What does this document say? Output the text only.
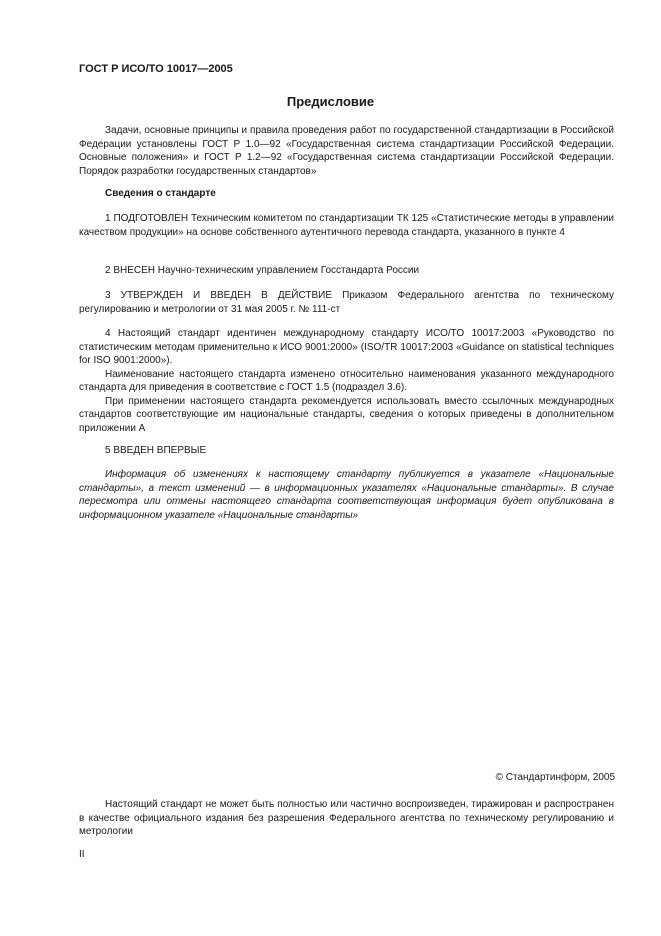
ГОСТ Р ИСО/ТО 10017—2005
Предисловие

Задачи, основные принципы и правила проведения работ по государственной стандартизации в Российской Федерации установлены ГОСТ Р 1.0—92 «Государственная система стандартизации Российской Федерации. Основные положения» и ГОСТ Р 1.2—92 «Государственная система стандартизации Российской Федерации. Порядок разработки государственных стандартов»

Сведения о стандарте

1 ПОДГОТОВЛЕН Техническим комитетом по стандартизации ТК 125 «Статистические методы в управлении качеством продукции» на основе собственного аутентичного перевода стандарта, указанного в пункте 4

2 ВНЕСЕН Научно-техническим управлением Госстандарта России

3 УТВЕРЖДЕН И ВВЕДЕН В ДЕЙСТВИЕ Приказом Федерального агентства по техническому регулированию и метрологии от 31 мая 2005 г. № 111-ст

4 Настоящий стандарт идентичен международному стандарту ИСО/ТО 10017:2003 «Руководство по статистическим методам применительно к ИСО 9001:2000» (ISO/TR 10017:2003 «Guidance on statistical techniques for ISO 9001:2000»).

Наименование настоящего стандарта изменено относительно наименования указанного международного стандарта для приведения в соответствие с ГОСТ 1.5 (подраздел 3.6).

При применении настоящего стандарта рекомендуется использовать вместо ссылочных международных стандартов соответствующие им национальные стандарты, сведения о которых приведены в дополнительном приложении А

5 ВВЕДЕН ВПЕРВЫЕ

Информация об изменениях к настоящему стандарту публикуется в указателе «Национальные стандарты», а текст изменений — в информационных указателях «Национальные стандарты». В случае пересмотра или отмены настоящего стандарта соответствующая информация будет опубликована в информационном указателе «Национальные стандарты»

© Стандартинформ, 2005

Настоящий стандарт не может быть полностью или частично воспроизведен, тиражирован и распространен в качестве официального издания без разрешения Федерального агентства по техническому регулированию и метрологии

II
